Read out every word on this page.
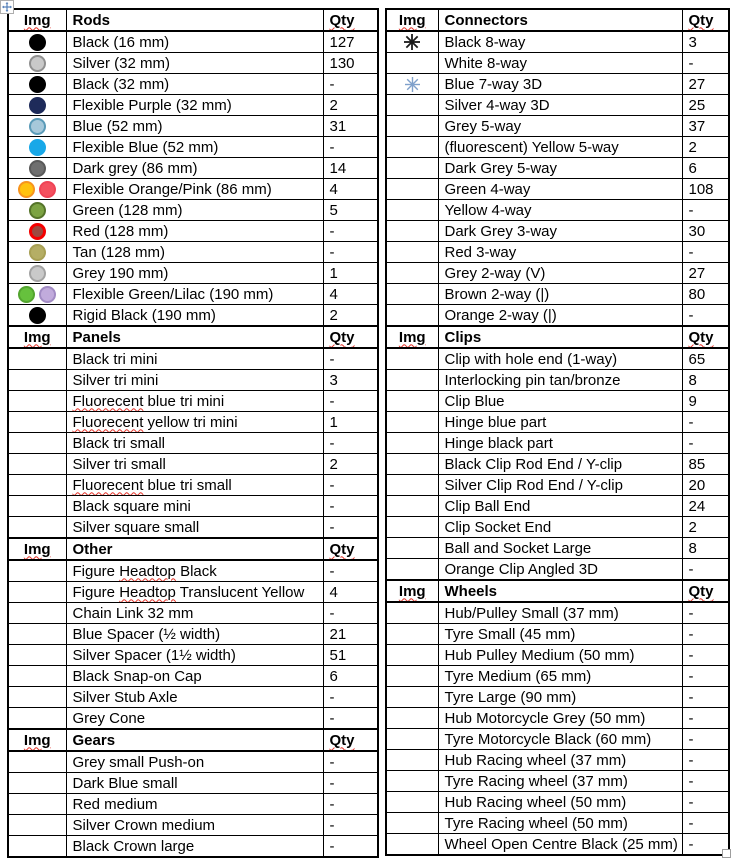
Img	Rods	Qty
	Black (16 mm)	127
	Silver (32 mm)	130
	Black (32 mm)	-
	Flexible Purple (32 mm)	2
	Blue (52 mm)	31
	Flexible Blue (52 mm)	-
	Dark grey (86 mm)	14
	Flexible Orange/Pink (86 mm)	4
	Green (128 mm)	5
	Red (128 mm)	-
	Tan (128 mm)	-
	Grey 190 mm)	1
	Flexible Green/Lilac (190 mm)	4
	Rigid Black (190 mm)	2
Img	Panels	Qty
	Black tri mini	-
	Silver tri mini	3
	Fluorecent blue tri mini	-
	Fluorecent yellow tri mini	1
	Black tri small	-
	Silver tri small	2
	Fluorecent blue tri small	-
	Black square mini	-
	Silver square small	-
Img	Other	Qty
	Figure Headtop Black	-
	Figure Headtop Translucent Yellow	4
	Chain Link 32 mm	-
	Blue Spacer (½ width)	21
	Silver Spacer (1½ width)	51
	Black Snap-on Cap	6
	Silver Stub Axle	-
	Grey Cone	-
Img	Gears	Qty
	Grey small Push-on	-
	Dark Blue small	-
	Red medium	-
	Silver Crown medium	-
	Black Crown large	-
Img	Connectors	Qty
	Black 8-way	3
	White 8-way	-
	Blue 7-way 3D	27
	Silver 4-way 3D	25
	Grey 5-way	37
	(fluorescent) Yellow 5-way	2
	Dark Grey 5-way	6
	Green 4-way	108
	Yellow 4-way	-
	Dark Grey 3-way	30
	Red 3-way	-
	Grey 2-way (V)	27
	Brown 2-way (|)	80
	Orange 2-way (|)	-
Img	Clips	Qty
	Clip with hole end (1-way)	65
	Interlocking pin tan/bronze	8
	Clip Blue	9
	Hinge blue part	-
	Hinge black part	-
	Black Clip Rod End / Y-clip	85
	Silver Clip Rod End / Y-clip	20
	Clip Ball End	24
	Clip Socket End	2
	Ball and Socket Large	8
	Orange Clip Angled 3D	-
Img	Wheels	Qty
	Hub/Pulley Small (37 mm)	-
	Tyre Small (45 mm)	-
	Hub Pulley Medium (50 mm)	-
	Tyre Medium (65 mm)	-
	Tyre Large (90 mm)	-
	Hub Motorcycle Grey (50 mm)	-
	Tyre Motorcycle Black (60 mm)	-
	Hub Racing wheel (37 mm)	-
	Tyre Racing wheel (37 mm)	-
	Hub Racing wheel (50 mm)	-
	Tyre Racing wheel (50 mm)	-
	Wheel Open Centre Black (25 mm)	-
